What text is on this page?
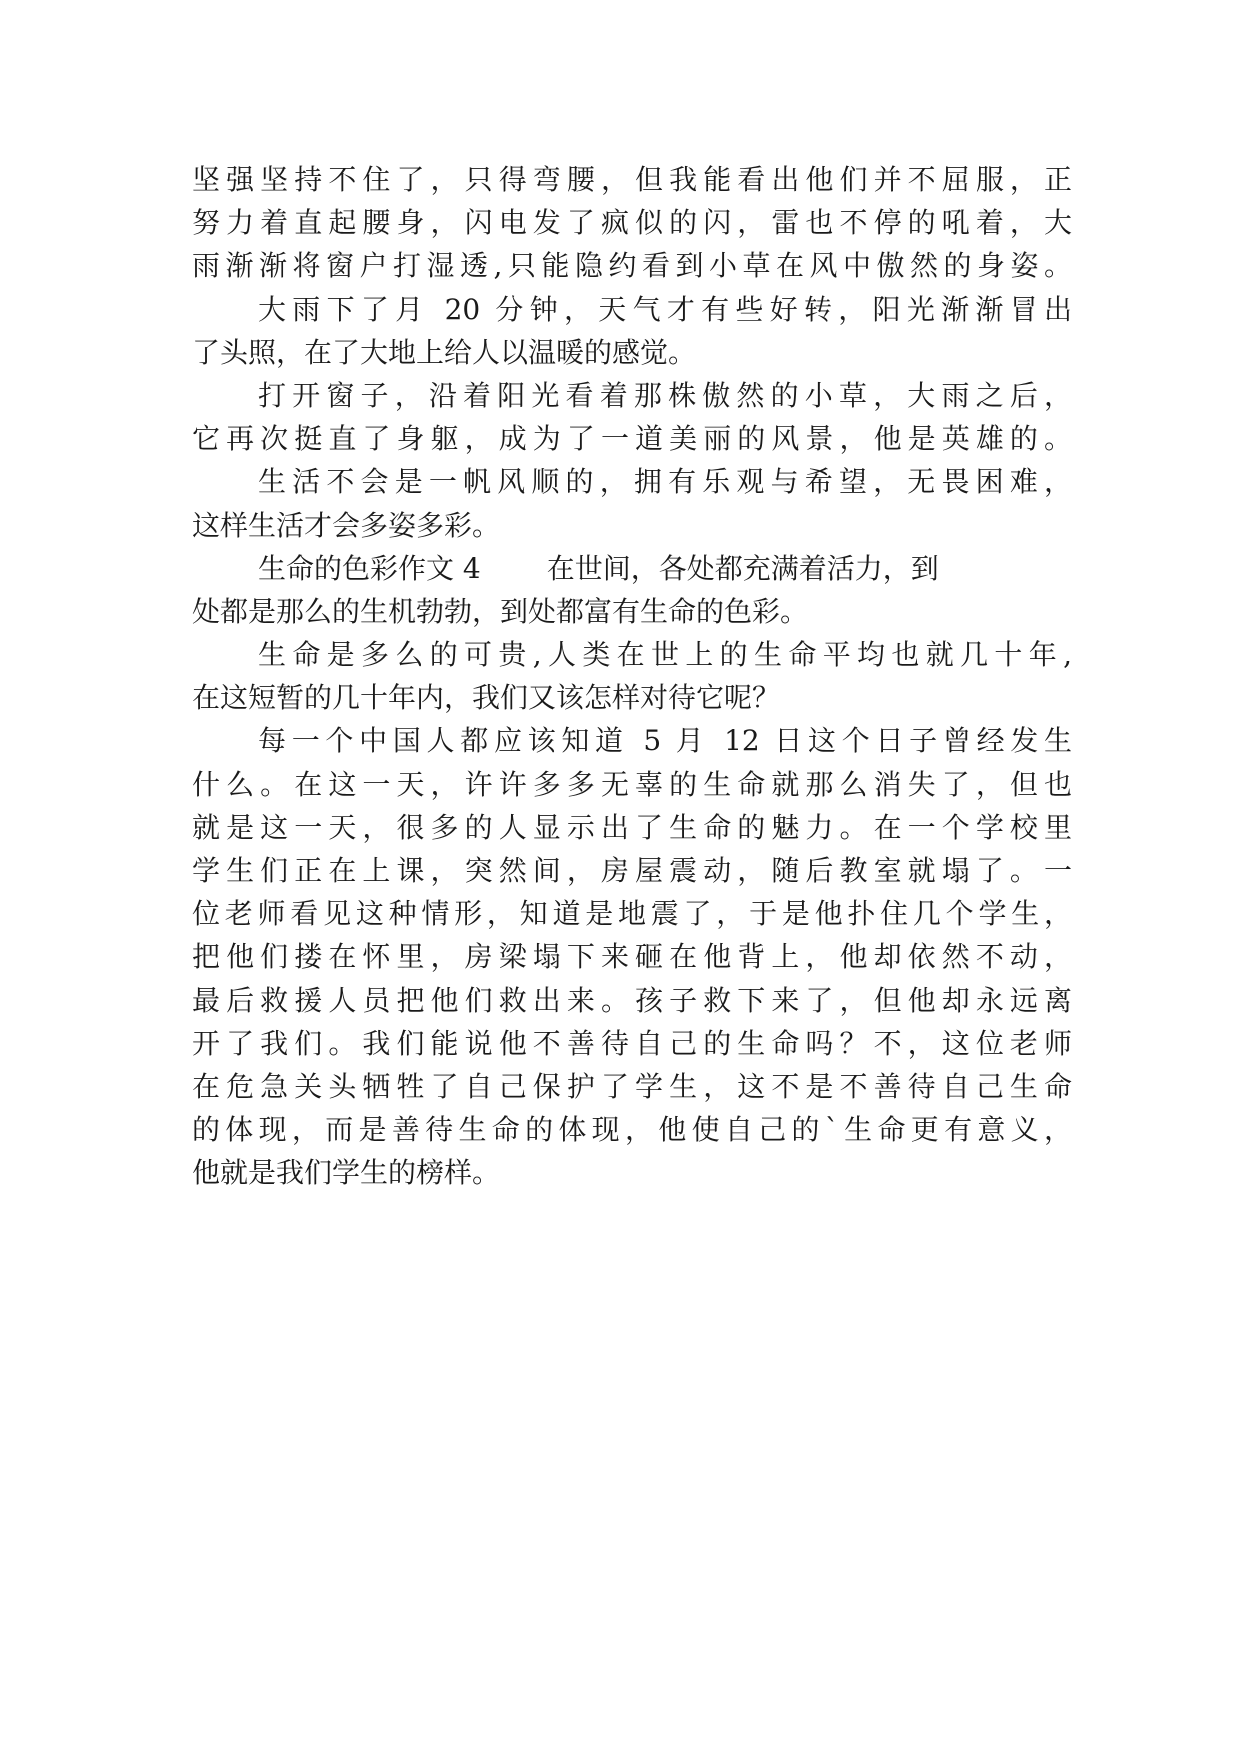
坚强坚持不住了，只得弯腰，但我能看出他们并不屈服，正
努力着直起腰身，闪电发了疯似的闪，雷也不停的吼着，大
雨渐渐将窗户打湿透,只能隐约看到小草在风中傲然的身姿。
大雨下了月 20 分钟，天气才有些好转，阳光渐渐冒出
了头照，在了大地上给人以温暖的感觉。
打开窗子，沿着阳光看着那株傲然的小草，大雨之后，
它再次挺直了身躯，成为了一道美丽的风景，他是英雄的。
生活不会是一帆风顺的，拥有乐观与希望，无畏困难，
这样生活才会多姿多彩。
生命的色彩作文 4 在世间，各处都充满着活力，到
处都是那么的生机勃勃，到处都富有生命的色彩。
生命是多么的可贵,人类在世上的生命平均也就几十年,
在这短暂的几十年内，我们又该怎样对待它呢？
每一个中国人都应该知道 5 月 12 日这个日子曾经发生
什么。在这一天，许许多多无辜的生命就那么消失了，但也
就是这一天，很多的人显示出了生命的魅力。在一个学校里
学生们正在上课，突然间，房屋震动，随后教室就塌了。一
位老师看见这种情形，知道是地震了，于是他扑住几个学生，
把他们搂在怀里，房梁塌下来砸在他背上，他却依然不动，
最后救援人员把他们救出来。孩子救下来了，但他却永远离
开了我们。我们能说他不善待自己的生命吗？不，这位老师
在危急关头牺牲了自己保护了学生，这不是不善待自己生命
的体现，而是善待生命的体现，他使自己的`生命更有意义，
他就是我们学生的榜样。
